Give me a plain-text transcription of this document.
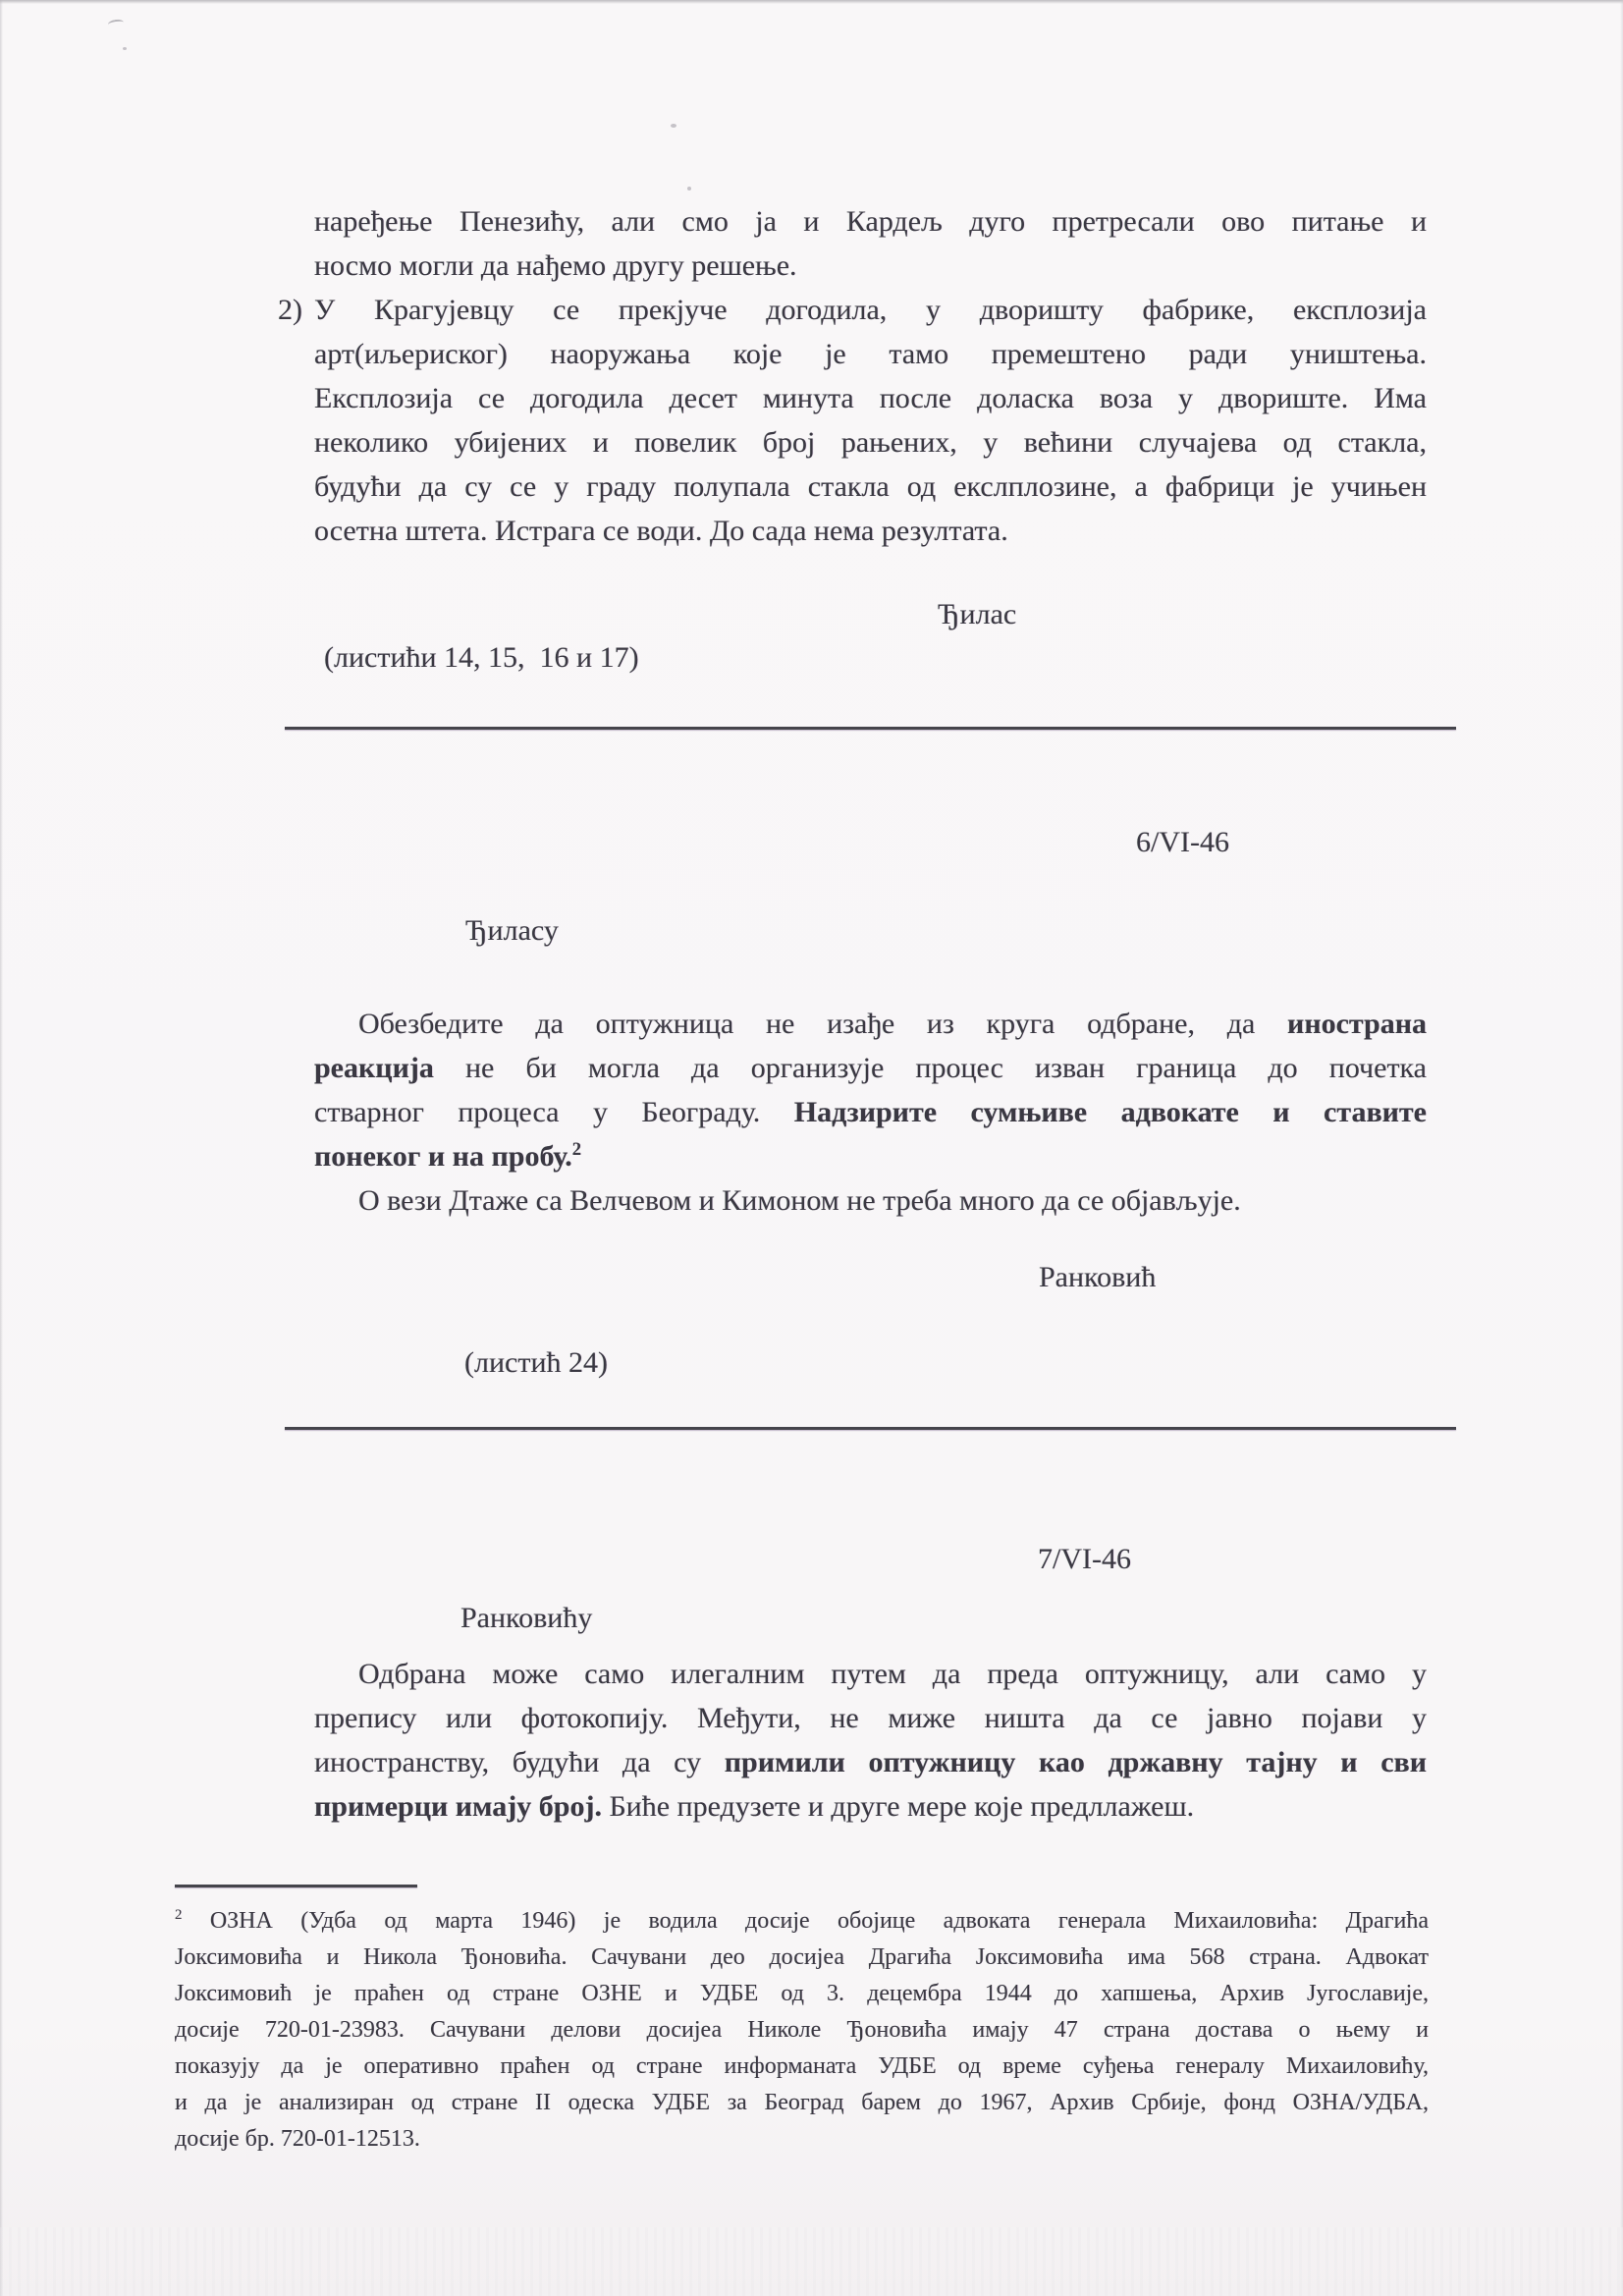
наређење Пенезићу, али смо ја и Кардељ дуго претресали ово питање и
носмо могли да нађемо другу решење.
2) У Крагујевцу се прекјуче догодила, у дворишту фабрике, експлозија
арт(иљериског) наоружања које је тамо премештено ради уништења.
Експлозија се догодила десет минута после доласка воза у двориште. Има
неколико убијених и повелик број рањених, у већини случајева од стакла,
будући да су се у граду полупала стакла од екслплозине, а фабрици је учињен
осетна штета. Истрага се води. До сада нема резултата.
Ђилас
(листићи 14, 15,  16 и 17)
6/VI-46
Ђиласу
Обезбедите да оптужница не изађе из круга одбране, да инострана
реакција не би могла да организује процес изван граница до почетка
стварног процеса у Београду. Надзирите сумњиве адвокате и ставите
понеког и на пробу.$^2$
О вези Дтаже са Велчевом и Кимоном не треба много да се објављује.
Ранковић
(листић 24)
7/VI-46
Ранковићу
Одбрана може само илегалним путем да преда оптужницу, али само у
препису или фотокопију. Међути, не миже ништа да се јавно појави у
иностранству, будући да су примили оптужницу као државну тајну и сви
примерци имају број. Биће предузете и друге мере које предллажеш.
$^2$ ОЗНА (Удба од марта 1946) је водила досије обојице адвоката генерала Михаиловића: Драгића
Јоксимовића и Никола Ђоновића. Сачувани део досијеа Драгића Јоксимовића има 568 страна. Адвокат
Јоксимовић је праћен од стране ОЗНЕ и УДБЕ од 3. децембра 1944 до хапшења, Архив Југославије,
досије 720-01-23983. Сачувани делови досијеа Николе Ђоновића имају 47 страна достава о њему и
показују да је оперативно праћен од стране информаната УДБЕ од време суђења генералу Михаиловићу,
и да је анализиран од стране II одеска УДБЕ за Београд барем до 1967, Архив Србије, фонд ОЗНА/УДБА,
досије бр. 720-01-12513.
